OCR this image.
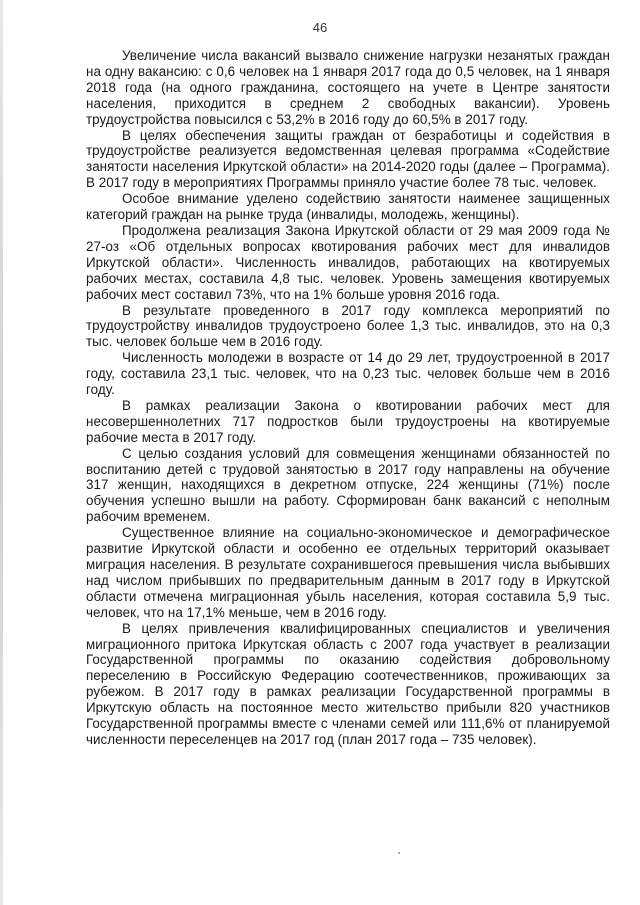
46

Увеличение числа вакансий вызвало снижение нагрузки незанятых граждан на одну вакансию: с 0,6 человек на 1 января 2017 года до 0,5 человек, на 1 января 2018 года (на одного гражданина, состоящего на учете в Центре занятости населения, приходится в среднем 2 свободных вакансии). Уровень трудоустройства повысился с 53,2% в 2016 году до 60,5% в 2017 году.

В целях обеспечения защиты граждан от безработицы и содействия в трудоустройстве реализуется ведомственная целевая программа «Содействие занятости населения Иркутской области» на 2014-2020 годы (далее – Программа). В 2017 году в мероприятиях Программы приняло участие более 78 тыс. человек.

Особое внимание уделено содействию занятости наименее защищенных категорий граждан на рынке труда (инвалиды, молодежь, женщины).

Продолжена реализация Закона Иркутской области от 29 мая 2009 года № 27-оз «Об отдельных вопросах квотирования рабочих мест для инвалидов Иркутской области». Численность инвалидов, работающих на квотируемых рабочих местах, составила 4,8 тыс. человек. Уровень замещения квотируемых рабочих мест составил 73%, что на 1% больше уровня 2016 года.

В результате проведенного в 2017 году комплекса мероприятий по трудоустройству инвалидов трудоустроено более 1,3 тыс. инвалидов, это на 0,3 тыс. человек больше чем в 2016 году.

Численность молодежи в возрасте от 14 до 29 лет, трудоустроенной в 2017 году, составила 23,1 тыс. человек, что на 0,23 тыс. человек больше чем в 2016 году.

В рамках реализации Закона о квотировании рабочих мест для несовершеннолетних 717 подростков были трудоустроены на квотируемые рабочие места в 2017 году.

С целью создания условий для совмещения женщинами обязанностей по воспитанию детей с трудовой занятостью в 2017 году направлены на обучение 317 женщин, находящихся в декретном отпуске, 224 женщины (71%) после обучения успешно вышли на работу. Сформирован банк вакансий с неполным рабочим временем.

Существенное влияние на социально-экономическое и демографическое развитие Иркутской области и особенно ее отдельных территорий оказывает миграция населения. В результате сохранившегося превышения числа выбывших над числом прибывших по предварительным данным в 2017 году в Иркутской области отмечена миграционная убыль населения, которая составила 5,9 тыс. человек, что на 17,1% меньше, чем в 2016 году.

В целях привлечения квалифицированных специалистов и увеличения миграционного притока Иркутская область с 2007 года участвует в реализации Государственной программы по оказанию содействия добровольному переселению в Российскую Федерацию соотечественников, проживающих за рубежом. В 2017 году в рамках реализации Государственной программы в Иркутскую область на постоянное место жительство прибыли 820 участников Государственной программы вместе с членами семей или 111,6% от планируемой численности переселенцев на 2017 год (план 2017 года – 735 человек).
